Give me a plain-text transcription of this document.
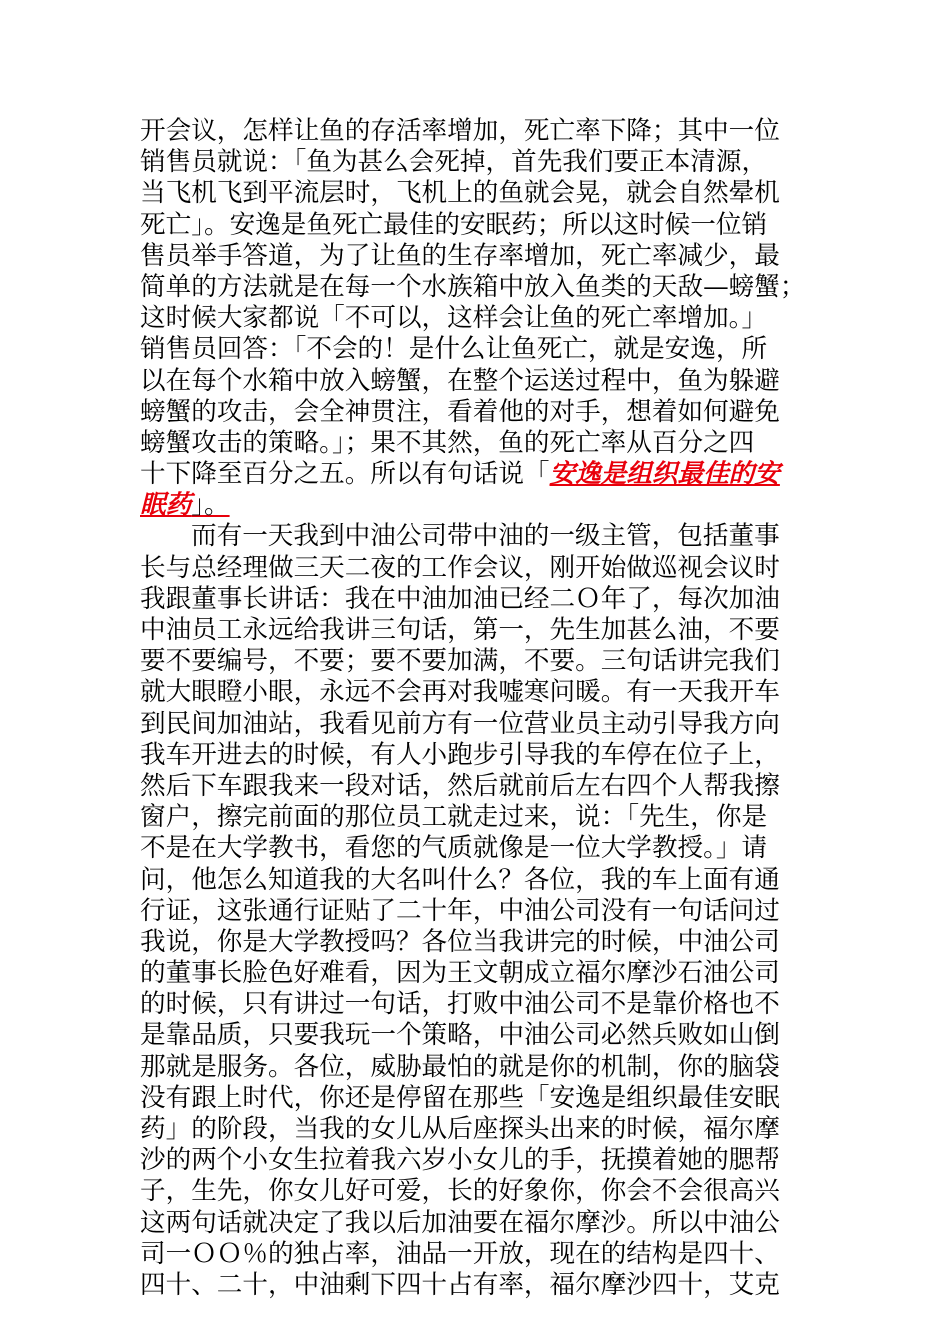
开会议，怎样让鱼的存活率增加，死亡率下降；其中一位
销售员就说：「鱼为甚么会死掉，首先我们要正本清源，
当飞机飞到平流层时，飞机上的鱼就会晃，就会自然晕机
死亡」。安逸是鱼死亡最佳的安眠药；所以这时候一位销
售员举手答道，为了让鱼的生存率增加，死亡率减少，最
简单的方法就是在每一个水族箱中放入鱼类的天敌—螃蟹；
这时候大家都说「不可以，这样会让鱼的死亡率增加。」
销售员回答：「不会的！是什么让鱼死亡，就是安逸，所
以在每个水箱中放入螃蟹，在整个运送过程中，鱼为躲避
螃蟹的攻击，会全神贯注，看着他的对手，想着如何避免
螃蟹攻击的策略。」；果不其然，鱼的死亡率从百分之四
十下降至百分之五。所以有句话说「安逸是组织最佳的安
眠药」。
而有一天我到中油公司带中油的一级主管，包括董事
长与总经理做三天二夜的工作会议，刚开始做巡视会议时
我跟董事长讲话：我在中油加油已经二Ｏ年了，每次加油
中油员工永远给我讲三句话，第一，先生加甚么油，不要
要不要编号，不要；要不要加满，不要。三句话讲完我们
就大眼瞪小眼，永远不会再对我嘘寒问暖。有一天我开车
到民间加油站，我看见前方有一位营业员主动引导我方向
我车开进去的时候，有人小跑步引导我的车停在位子上，
然后下车跟我来一段对话，然后就前后左右四个人帮我擦
窗户，擦完前面的那位员工就走过来，说：「先生，你是
不是在大学教书，看您的气质就像是一位大学教授。」请
问，他怎么知道我的大名叫什么？各位，我的车上面有通
行证，这张通行证贴了二十年，中油公司没有一句话问过
我说，你是大学教授吗？各位当我讲完的时候，中油公司
的董事长脸色好难看，因为王文朝成立福尔摩沙石油公司
的时候，只有讲过一句话，打败中油公司不是靠价格也不
是靠品质，只要我玩一个策略，中油公司必然兵败如山倒
那就是服务。各位，威胁最怕的就是你的机制，你的脑袋
没有跟上时代，你还是停留在那些「安逸是组织最佳安眠
药」的阶段，当我的女儿从后座探头出来的时候，福尔摩
沙的两个小女生拉着我六岁小女儿的手，抚摸着她的腮帮
子，生先，你女儿好可爱，长的好象你，你会不会很高兴
这两句话就决定了我以后加油要在福尔摩沙。所以中油公
司一ＯＯ％的独占率，油品一开放，现在的结构是四十、
四十、二十，中油剩下四十占有率，福尔摩沙四十，艾克
